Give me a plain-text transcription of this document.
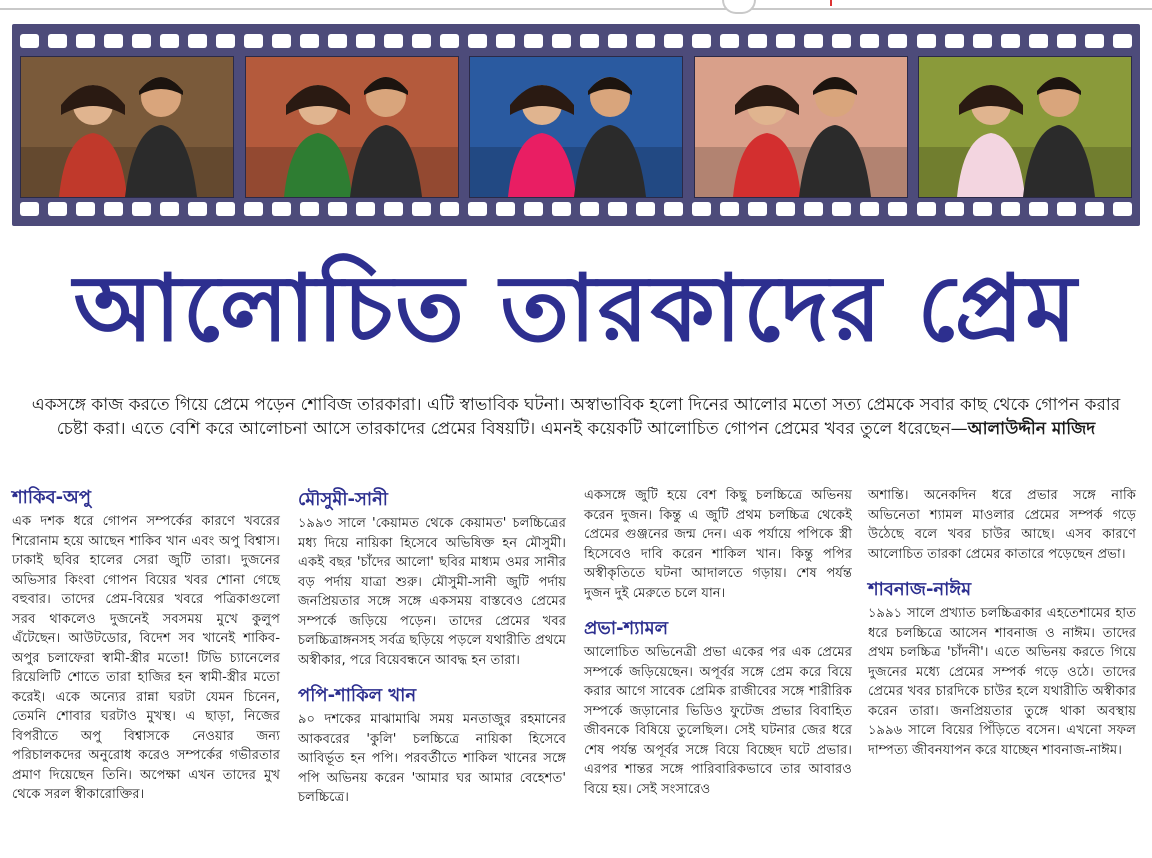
আলোচিত তারকাদের প্রেম
একসঙ্গে কাজ করতে গিয়ে প্রেমে পড়েন শোবিজ তারকারা। এটি স্বাভাবিক ঘটনা। অস্বাভাবিক হলো দিনের আলোর মতো সত্য প্রেমকে সবার কাছ থেকে গোপন করার চেষ্টা করা। এতে বেশি করে আলোচনা আসে তারকাদের প্রেমের বিষয়টি। এমনই কয়েকটি আলোচিত গোপন প্রেমের খবর তুলে ধরেছেন—আলাউদ্দীন মাজিদ
শাকিব-অপু

এক দশক ধরে গোপন সম্পর্কের কারণে খবরের শিরোনাম হয়ে আছেন শাকিব খান এবং অপু বিশ্বাস। ঢাকাই ছবির হালের সেরা জুটি তারা। দুজনের অভিসার কিংবা গোপন বিয়ের খবর শোনা গেছে বহুবার। তাদের প্রেম-বিয়ের খবরে পত্রিকাগুলো সরব থাকলেও দুজনেই সবসময় মুখে কুলুপ এঁটেছেন। আউটডোর, বিদেশ সব খানেই শাকিব-অপুর চলাফেরা স্বামী-স্ত্রীর মতো! টিভি চ্যানেলের রিয়েলিটি শোতে তারা হাজির হন স্বামী-স্ত্রীর মতো করেই। একে অন্যের রান্না ঘরটা যেমন চিনেন, তেমনি শোবার ঘরটাও মুখস্থ। এ ছাড়া, নিজের বিপরীতে অপু বিশ্বাসকে নেওয়ার জন্য পরিচালকদের অনুরোধ করেও সম্পর্কের গভীরতার প্রমাণ দিয়েছেন তিনি। অপেক্ষা এখন তাদের মুখ থেকে সরল স্বীকারোক্তির।

মৌসুমী-সানী

১৯৯৩ সালে 'কেয়ামত থেকে কেয়ামত' চলচ্চিত্রের মধ্য দিয়ে নায়িকা হিসেবে অভিষিক্ত হন মৌসুমী। একই বছর 'চাঁদের আলো' ছবির মাধ্যম ওমর সানীর বড় পর্দায় যাত্রা শুরু। মৌসুমী-সানী জুটি পর্দায় জনপ্রিয়তার সঙ্গে সঙ্গে একসময় বাস্তবেও প্রেমের সম্পর্কে জড়িয়ে পড়েন। তাদের প্রেমের খবর চলচ্চিত্রাঙ্গনসহ সর্বত্র ছড়িয়ে পড়লে যথারীতি প্রথমে অস্বীকার, পরে বিয়েবন্ধনে আবদ্ধ হন তারা।

পপি-শাকিল খান

৯০ দশকের মাঝামাঝি সময় মনতাজুর রহমানের আকবরের 'কুলি' চলচ্চিত্রে নায়িকা হিসেবে আবির্ভূত হন পপি। পরবর্তীতে শাকিল খানের সঙ্গে পপি অভিনয় করেন 'আমার ঘর আমার বেহেশত' চলচ্চিত্রে।

একসঙ্গে জুটি হয়ে বেশ কিছু চলচ্চিত্রে অভিনয় করেন দুজন। কিন্তু এ জুটি প্রথম চলচ্চিত্র থেকেই প্রেমের গুঞ্জনের জন্ম দেন। এক পর্যায়ে পপিকে স্ত্রী হিসেবেও দাবি করেন শাকিল খান। কিন্তু পপির অস্বীকৃতিতে ঘটনা আদালতে গড়ায়। শেষ পর্যন্ত দুজন দুই মেরুতে চলে যান।

প্রভা-শ্যামল

আলোচিত অভিনেত্রী প্রভা একের পর এক প্রেমের সম্পর্কে জড়িয়েছেন। অপূর্বর সঙ্গে প্রেম করে বিয়ে করার আগে সাবেক প্রেমিক রাজীবের সঙ্গে শারীরিক সম্পর্কে জড়ানোর ভিডিও ফুটেজ প্রভার বিবাহিত জীবনকে বিষিয়ে তুলেছিল। সেই ঘটনার জের ধরে শেষ পর্যন্ত অপূর্বর সঙ্গে বিয়ে বিচ্ছেদ ঘটে প্রভার। এরপর শান্তর সঙ্গে পারিবারিকভাবে তার আবারও বিয়ে হয়। সেই সংসারেও

অশান্তি। অনেকদিন ধরে প্রভার সঙ্গে নাকি অভিনেতা শ্যামল মাওলার প্রেমের সম্পর্ক গড়ে উঠেছে বলে খবর চাউর আছে। এসব কারণে আলোচিত তারকা প্রেমের কাতারে পড়েছেন প্রভা।

শাবনাজ-নাঈম

১৯৯১ সালে প্রখ্যাত চলচ্চিত্রকার এহতেশামের হাত ধরে চলচ্চিত্রে আসেন শাবনাজ ও নাঈম। তাদের প্রথম চলচ্চিত্র 'চাঁদনী'। এতে অভিনয় করতে গিয়ে দুজনের মধ্যে প্রেমের সম্পর্ক গড়ে ওঠে। তাদের প্রেমের খবর চারদিকে চাউর হলে যথারীতি অস্বীকার করেন তারা। জনপ্রিয়তার তুঙ্গে থাকা অবস্থায় ১৯৯৬ সালে বিয়ের পিঁড়িতে বসেন। এখনো সফল দাম্পত্য জীবনযাপন করে যাচ্ছেন শাবনাজ-নাঈম।
